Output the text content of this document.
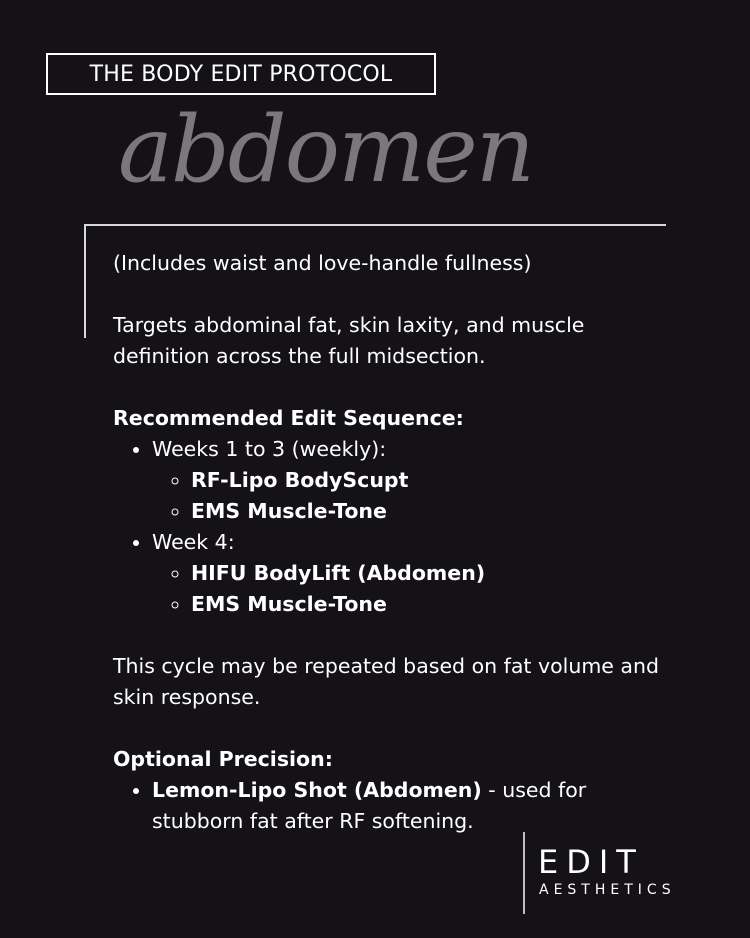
THE BODY EDIT PROTOCOL
abdomen

(Includes waist and love-handle fullness)

Targets abdominal fat, skin laxity, and muscle definition across the full midsection.

Recommended Edit Sequence:

• Weeks 1 to 3 (weekly):
◦ RF-Lipo BodyScupt
◦ EMS Muscle-Tone
• Week 4:
◦ HIFU BodyLift (Abdomen)
◦ EMS Muscle-Tone

This cycle may be repeated based on fat volume and skin response.

Optional Precision:

• Lemon-Lipo Shot (Abdomen) - used for stubborn fat after RF softening.
EDIT
AESTHETICS
